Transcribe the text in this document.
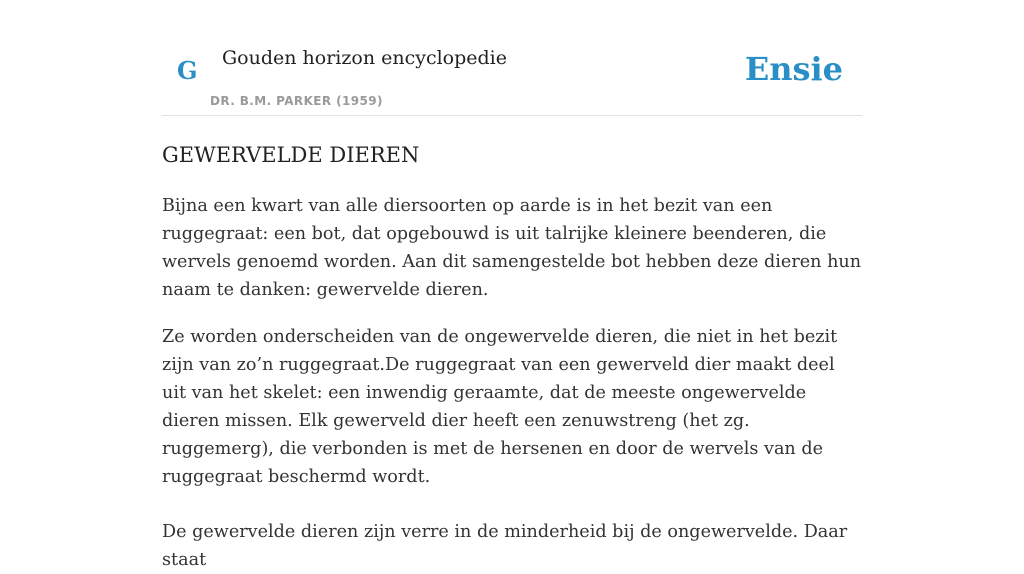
G Gouden horizon encyclopedie
DR. B.M. PARKER (1959)
Ensie
GEWERVELDE DIEREN

Bijna een kwart van alle diersoorten op aarde is in het bezit van een ruggegraat: een bot, dat opgebouwd is uit talrijke kleinere beenderen, die wervels genoemd worden. Aan dit samengestelde bot hebben deze dieren hun naam te danken: gewervelde dieren.

Ze worden onderscheiden van de ongewervelde dieren, die niet in het bezit zijn van zo’n ruggegraat.De ruggegraat van een gewerveld dier maakt deel uit van het skelet: een inwendig geraamte, dat de meeste ongewervelde dieren missen. Elk gewerveld dier heeft een zenuwstreng (het zg. ruggemerg), die verbonden is met de hersenen en door de wervels van de ruggegraat beschermd wordt.

De gewervelde dieren zijn verre in de minderheid bij de ongewervelde. Daar staat
